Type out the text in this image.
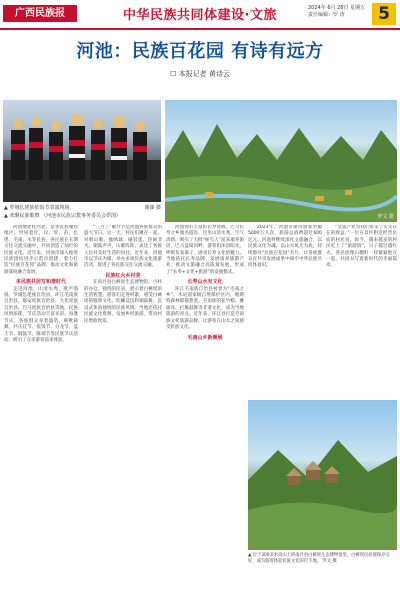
广西民族报	中华民族共同体建设·文旅	2024年 6月 28日 星期五
责任编辑：罗 涛	5
河池：民族百花园 有诗有远方
☐ 本报记者 黄诗云
▲ 罗城仫佬族依饭节表演现场。	谢湖 摄
▲ 欢聚民族歌舞 （河池市民族宗教事务委员会供图）	罗文 摄

河池地处桂西北，是多民族聚居地区，世居着壮、汉、瑶、苗、仫佬、毛南、水等民族，各民族在长期交往交流交融中，共同创造了灿烂的民族文化。近年来，河池市深入推进民族团结进步示范市创建，着力打造“民族百花园”品牌，推动文化和旅游深度融合发展。

多民族共居写和谐时代

走进河池，山清水秀，歌声悠扬。罗城仫佬族自治县、环江毛南族自治县、都安瑶族自治县、大化瑶族自治县、巴马瑶族自治县等地，民族风情浓郁，节庆活动丰富多彩。每逢节庆，各族群众身着盛装，载歌载舞，共庆佳节。依饭节、分龙节、盘王节、铜鼓节、陇端节等民族节庆活动，吸引了众多游客前来体验。

“三月三”歌圩节是河池各族群众的盛大节日。这一天，村民们聚在一起，对唱山歌，抛绣球，碰彩蛋，热闹非凡。铜鼓声声，山歌阵阵，表达了各族人民对美好生活的向往。近年来，河池市以节庆为媒，举办多项民族文化旅游活动，促进了各民族交往交流交融。

民族红火乡村美

在南丹县白裤瑶生态博物馆，古朴的谷仓、独特的民居，展示着白裤瑶的生活智慧。游客们走进村寨，感受白裤瑶的服饰文化、陀螺竞技和铜鼓舞，沉浸式体验独特的民族风情。当地还依托民族文化资源，发展乡村旅游，带动村民增收致富。

河池拥有丰富的长寿资源，巴马长寿之乡闻名遐迩。这里山清水秀，空气清新，吸引了大批“候鸟人”前来康养旅居。巴马盘阳河畔，游客们沐浴阳光、呼吸负氧离子，感受长寿文化的魅力。当地依托长寿品牌，发展康养旅游产业，推动文旅融合高质量发展，形成了“长寿+文化+旅游”的发展模式。

长寿山水有文化

环江毛南族自治县被誉为“毛南之乡”。木论国家级自然保护区内，喀斯特森林郁郁葱葱。毛南族的花竹帽、傩面具、打猴鼓舞等非遗文化，成为当地旅游的亮点。近年来，环江县打造毛南族文化旅游品牌，让游客在山水之间感受民族文化。

毛南山乡新颜展

2023年，河池市接待游客突破5000万人次，旅游总消费超过600亿元。河池将继续深化文旅融合，以民族文化为魂，以山水风光为底，持续擦亮“民族百花园”名片，让各族群众在共享发展成果中铸牢中华民族共同体意识。

“文旅产业为我们带来了实实在在的收益。”一位在景区附近经营民宿的村民说。如今，越来越多的村民吃上了“旅游饭”，日子越过越红火。各民族像石榴籽一样紧紧抱在一起，共同书写着新时代的幸福篇章。

▲ 位于300多米高山上的南丹县白裤瑶生态博物馆里，白裤瑶民居群保存完好，成为游客体验民族文化的打卡地。 罗文 摄
